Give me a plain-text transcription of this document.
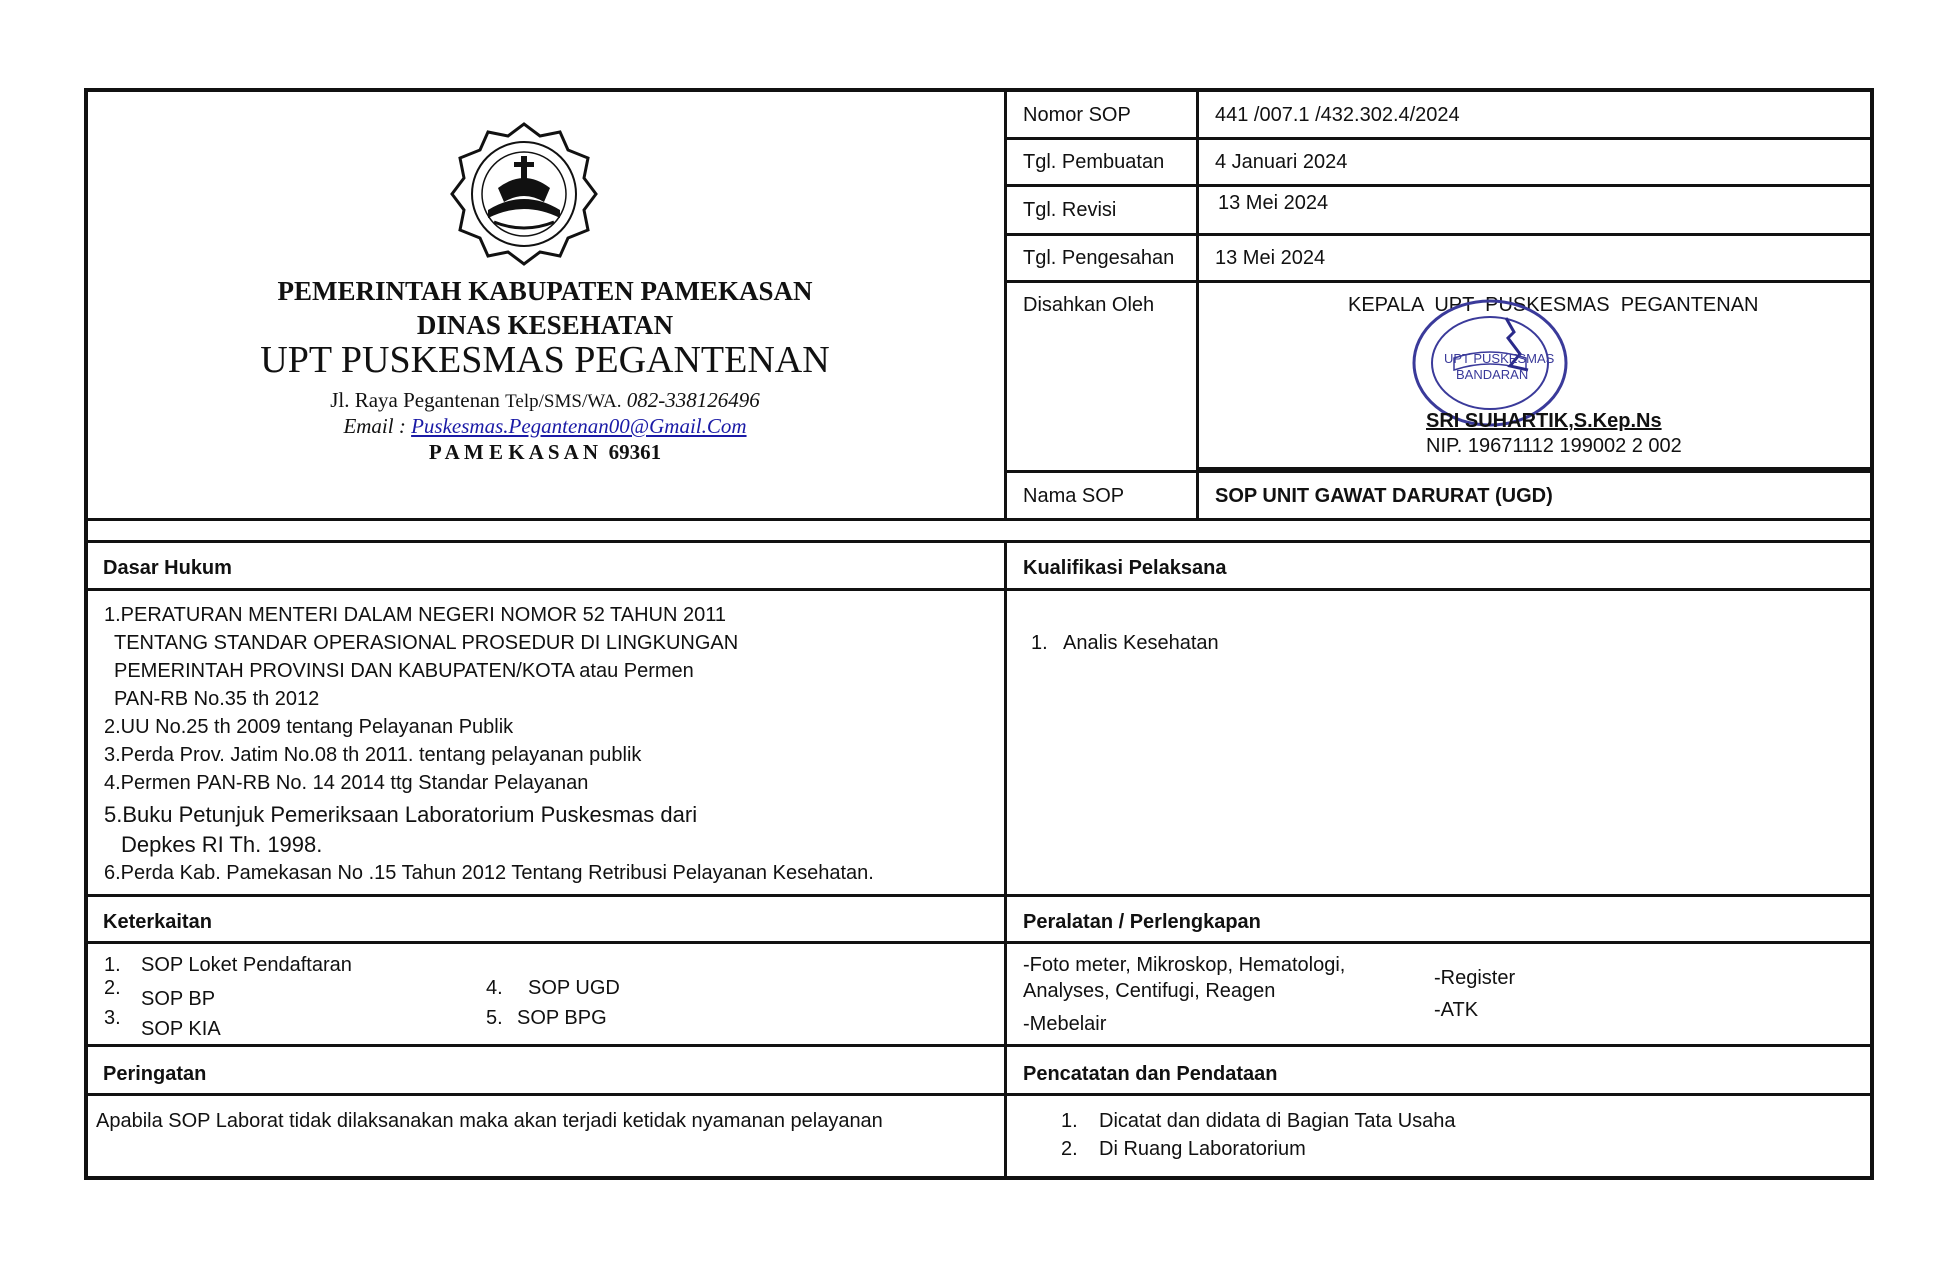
PEMERINTAH KABUPATEN PAMEKASAN
DINAS KESEHATAN
UPT PUSKESMAS PEGANTENAN
Jl. Raya Pegantenan Telp/SMS/WA. 082-338126496
Email : Puskesmas.Pegantenan00@Gmail.Com
P A M E K A S A N  69361
Nomor SOP	441 /007.1 /432.302.4/2024
Tgl. Pembuatan	4 Januari 2024
Tgl. Revisi	13 Mei 2024
Tgl. Pengesahan 13 Mei 2024
Disahkan Oleh	KEPALA  UPT  PUSKESMAS  PEGANTENAN
UPT PUSKESMAS
BANDARAN
SRI SUHARTIK,S.Kep.Ns
NIP. 19671112 199002 2 002
Nama SOP	SOP UNIT GAWAT DARURAT (UGD)
Dasar Hukum
1.PERATURAN MENTERI DALAM NEGERI NOMOR 52 TAHUN 2011
TENTANG STANDAR OPERASIONAL PROSEDUR DI LINGKUNGAN
PEMERINTAH PROVINSI DAN KABUPATEN/KOTA atau Permen
PAN-RB No.35 th 2012
2.UU No.25 th 2009 tentang Pelayanan Publik
3.Perda Prov. Jatim No.08 th 2011. tentang pelayanan publik
4.Permen PAN-RB No. 14 2014 ttg Standar Pelayanan
5.Buku Petunjuk Pemeriksaan Laboratorium Puskesmas dari
Depkes RI Th. 1998.
6.Perda Kab. Pamekasan No .15 Tahun 2012 Tentang Retribusi Pelayanan Kesehatan.
Kualifikasi Pelaksana
1. Analis Kesehatan
Keterkaitan
1. SOP Loket Pendaftaran
2. SOP BP
3. SOP KIA
4. SOP UGD
5. SOP BPG
Peralatan / Perlengkapan
-Foto meter, Mikroskop, Hematologi,
Analyses, Centifugi, Reagen
-Mebelair
-Register
-ATK
Peringatan
Apabila SOP Laborat tidak dilaksanakan maka akan terjadi ketidak nyamanan pelayanan
Pencatatan dan Pendataan
1. Dicatat dan didata di Bagian Tata Usaha
2. Di Ruang Laboratorium
